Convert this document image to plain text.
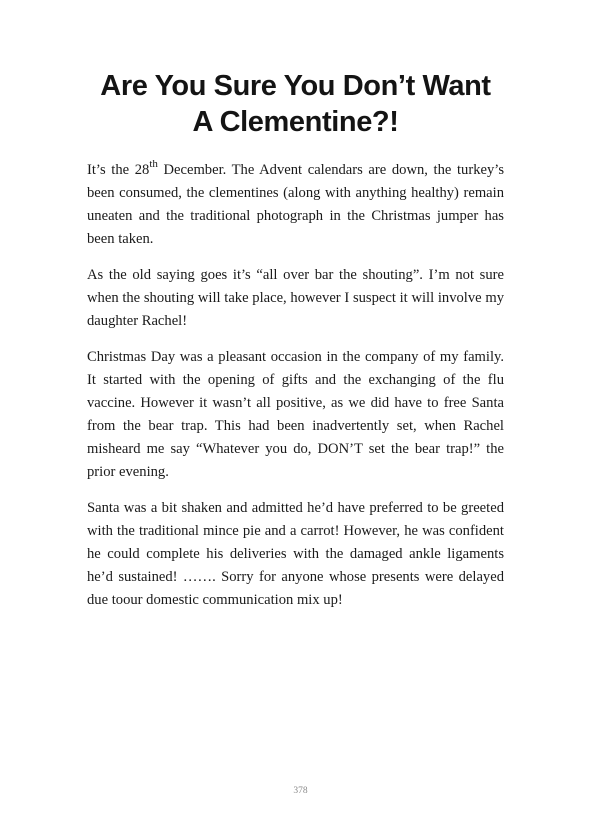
Are You Sure You Don’t Want
A Clementine?!

It’s the 28th December. The Advent calendars are down, the turkey’s been consumed, the clementines (along with anything healthy) remain uneaten and the traditional photograph in the Christmas jumper has been taken.

As the old saying goes it’s “all over bar the shouting”. I’m not sure when the shouting will take place, however I suspect it will involve my daughter Rachel!

Christmas Day was a pleasant occasion in the company of my family. It started with the opening of gifts and the exchanging of the flu vaccine. However it wasn’t all positive, as we did have to free Santa from the bear trap. This had been inadvertently set, when Rachel misheard me say “Whatever you do, DON’T set the bear trap!” the prior evening.

Santa was a bit shaken and admitted he’d have preferred to be greeted with the traditional mince pie and a carrot! However, he was confident he could complete his deliveries with the damaged ankle ligaments he’d sustained! ……. Sorry for anyone whose presents were delayed due toour domestic communication mix up!

378
